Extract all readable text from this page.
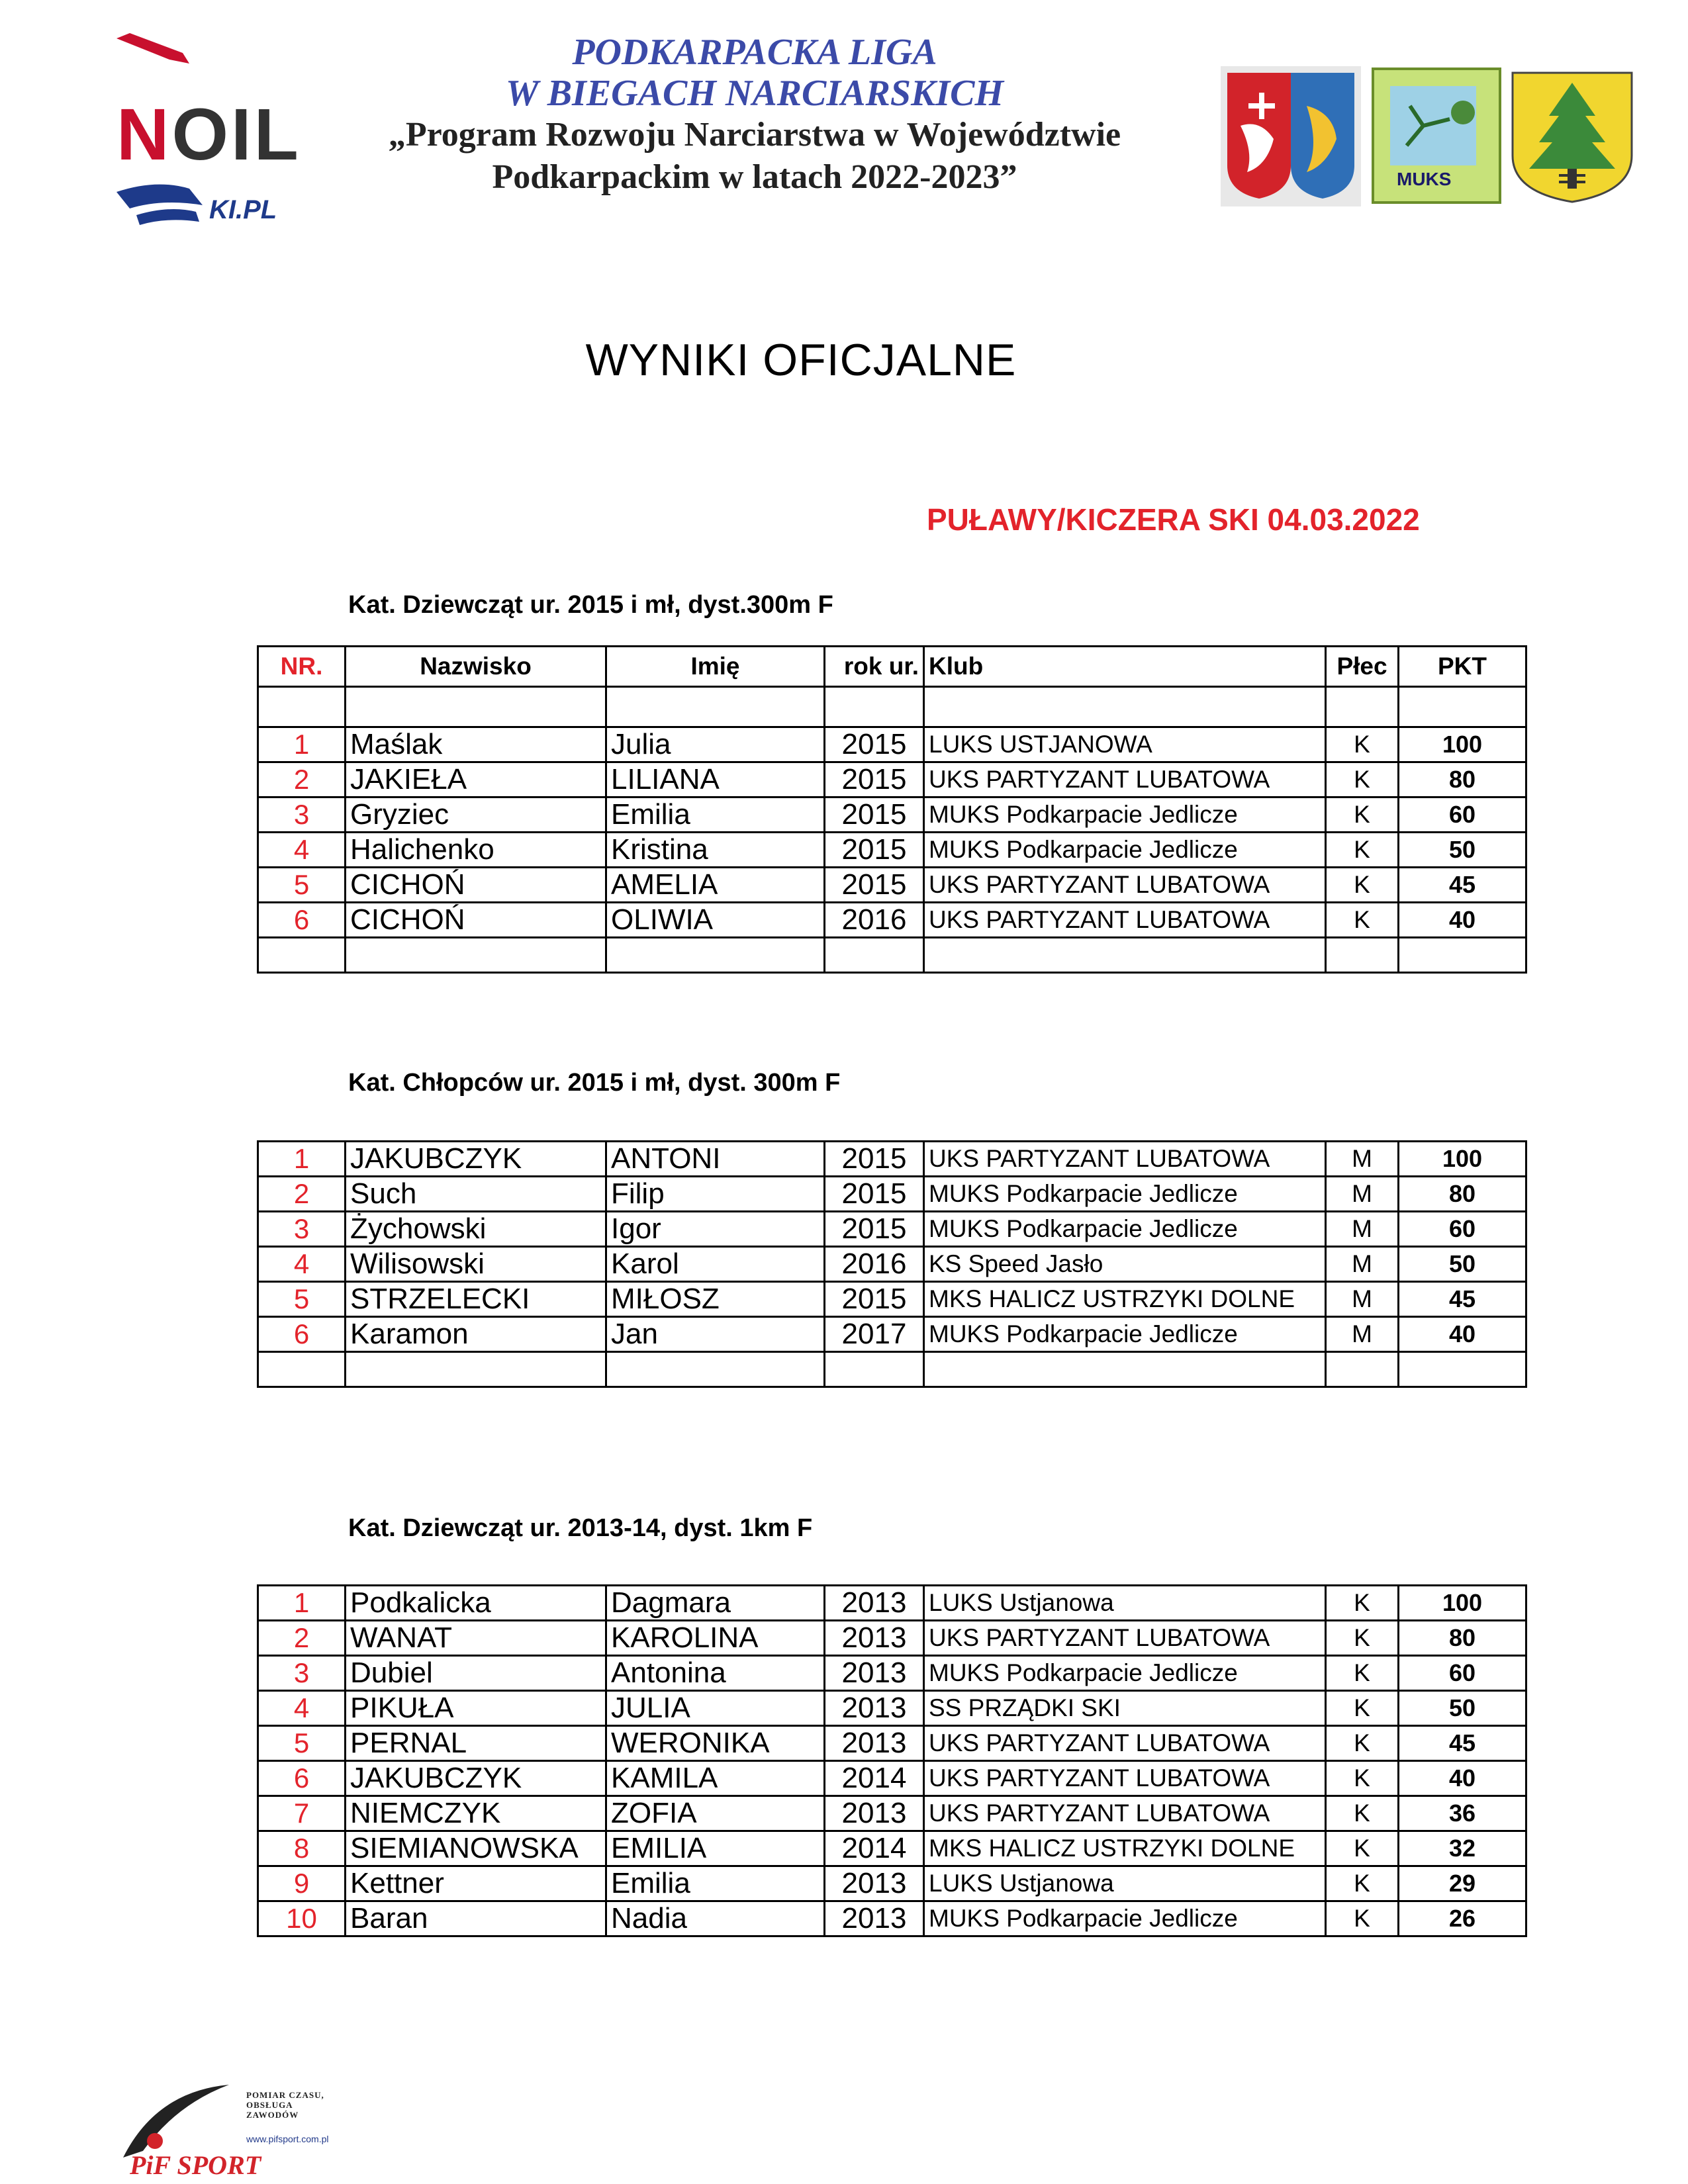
NOIL
KI.PL
PODKARPACKA LIGA
W BIEGACH NARCIARSKICH
„Program Rozwoju Narciarstwa w Województwie
Podkarpackim w latach 2022-2023”	MUKS
WYNIKI OFICJALNE
PUŁAWY/KICZERA SKI 04.03.2022
Kat. Dziewcząt ur. 2015 i mł, dyst.300m F
NR.	Nazwisko	Imię	rok ur.	Klub	Płec	PKT

1	Maślak	Julia	2015	LUKS USTJANOWA	K	100
2	JAKIEŁA	LILIANA	2015	UKS PARTYZANT LUBATOWA	K	80
3	Gryziec	Emilia	2015	MUKS Podkarpacie Jedlicze	K	60
4	Halichenko	Kristina	2015	MUKS Podkarpacie Jedlicze	K	50
5	CICHOŃ	AMELIA	2015	UKS PARTYZANT LUBATOWA	K	45
6	CICHOŃ	OLIWIA	2016	UKS PARTYZANT LUBATOWA	K	40

Kat. Chłopców ur. 2015 i mł, dyst. 300m F
1	JAKUBCZYK	ANTONI	2015	UKS PARTYZANT LUBATOWA	M	100
2	Such	Filip	2015	MUKS Podkarpacie Jedlicze	M	80
3	Żychowski	Igor	2015	MUKS Podkarpacie Jedlicze	M	60
4	Wilisowski	Karol	2016	KS Speed Jasło	M	50
5	STRZELECKI	MIŁOSZ	2015	MKS HALICZ USTRZYKI DOLNE	M	45
6	Karamon	Jan	2017	MUKS Podkarpacie Jedlicze	M	40

Kat. Dziewcząt ur. 2013-14, dyst. 1km F
1	Podkalicka	Dagmara	2013	LUKS Ustjanowa	K	100
2	WANAT	KAROLINA	2013	UKS PARTYZANT LUBATOWA	K	80
3	Dubiel	Antonina	2013	MUKS Podkarpacie Jedlicze	K	60
4	PIKUŁA	JULIA	2013	SS PRZĄDKI SKI	K	50
5	PERNAL	WERONIKA	2013	UKS PARTYZANT LUBATOWA	K	45
6	JAKUBCZYK	KAMILA	2014	UKS PARTYZANT LUBATOWA	K	40
7	NIEMCZYK	ZOFIA	2013	UKS PARTYZANT LUBATOWA	K	36
8	SIEMIANOWSKA	EMILIA	2014	MKS HALICZ USTRZYKI DOLNE	K	32
9	Kettner	Emilia	2013	LUKS Ustjanowa	K	29
10	Baran	Nadia	2013	MUKS Podkarpacie Jedlicze	K	26
PiF SPORT
POMIAR CZASU,
OBSŁUGA
ZAWODÓW
www.pifsport.com.pl
